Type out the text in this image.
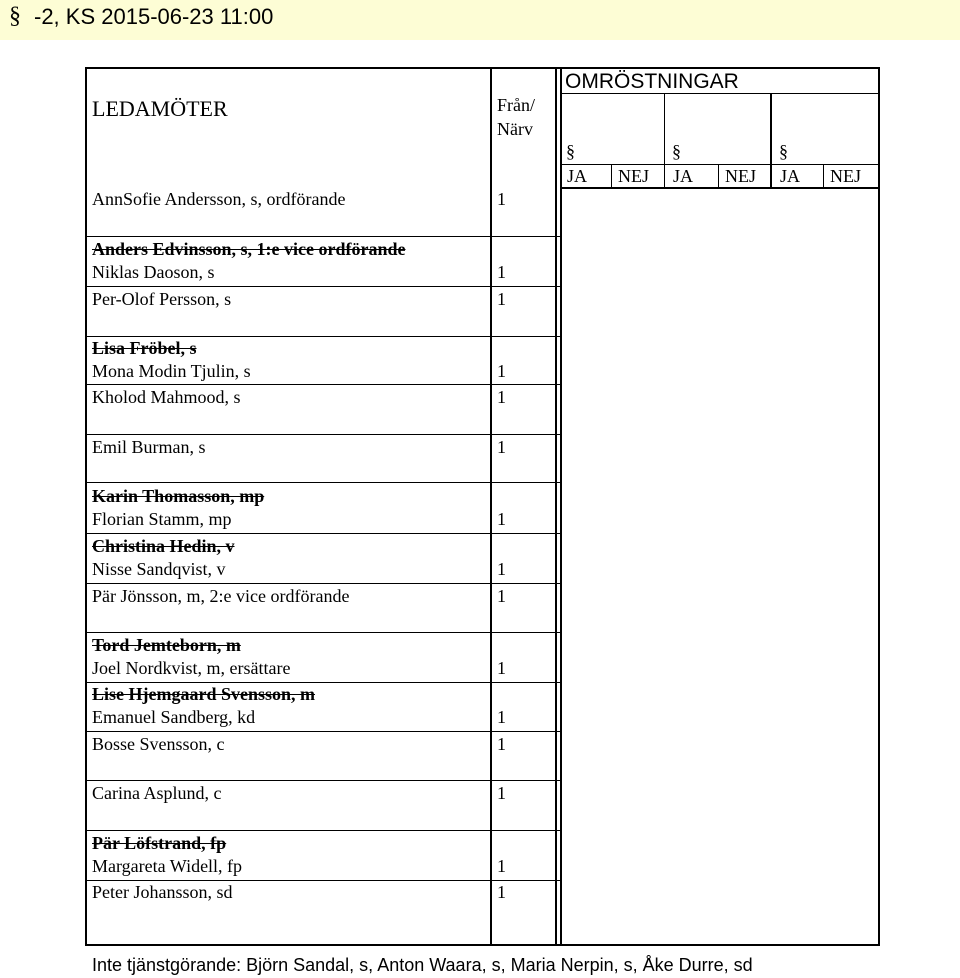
§ -2, KS 2015-06-23 11:00
LEDAMÖTER	Från/
Närv
OMRÖSTNINGAR
§	§	§
JA NEJ JA NEJ JA NEJ
AnnSofie Andersson, s, ordförande	1
Anders Edvinsson, s, 1:e vice ordförande
Niklas Daoson, s	1
Per-Olof Persson, s	1
Lisa Fröbel, s
Mona Modin Tjulin, s	1
Kholod Mahmood, s	1
Emil Burman, s	1
Karin Thomasson, mp
Florian Stamm, mp	1
Christina Hedin, v
Nisse Sandqvist, v	1
Pär Jönsson, m, 2:e vice ordförande	1
Tord Jemteborn, m
Joel Nordkvist, m, ersättare	1
Lise Hjemgaard Svensson, m
Emanuel Sandberg, kd	1
Bosse Svensson, c	1
Carina Asplund, c	1
Pär Löfstrand, fp
Margareta Widell, fp	1
Peter Johansson, sd	1
Inte tjänstgörande: Björn Sandal, s, Anton Waara, s, Maria Nerpin, s, Åke Durre, sd
